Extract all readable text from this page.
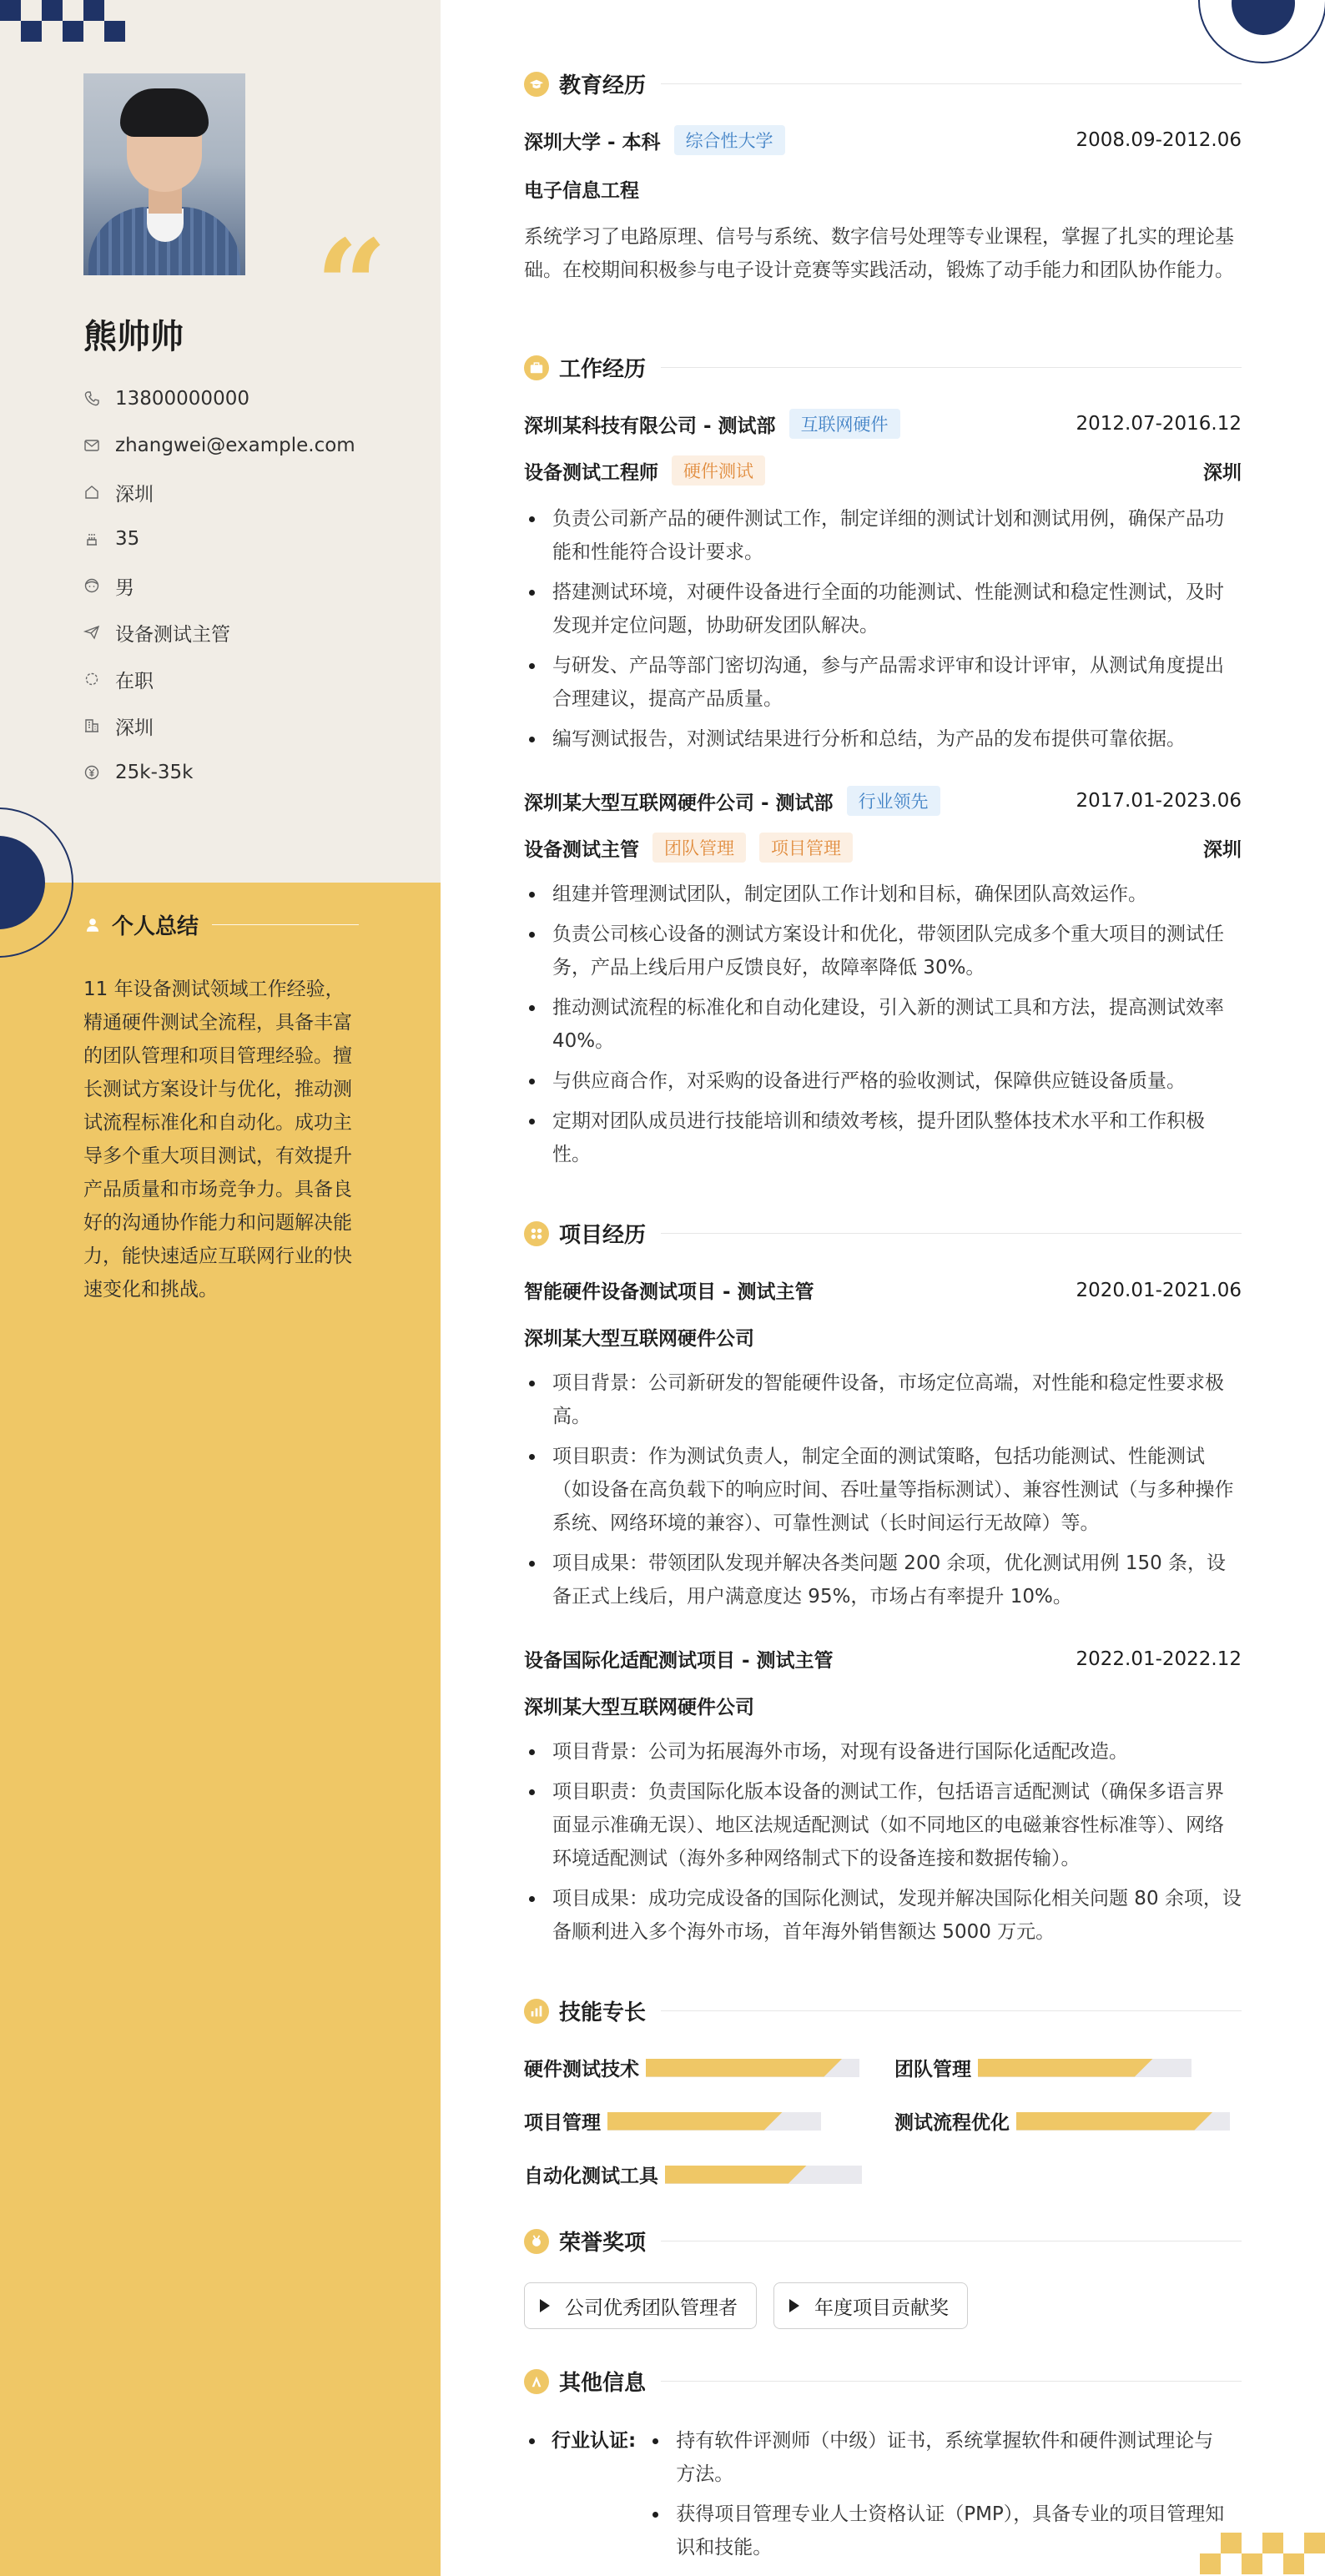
“
熊帅帅
13800000000
zhangwei@example.com
深圳
35
男
设备测试主管
在职
深圳
25k-35k
个人总结

11 年设备测试领域工作经验，精通硬件测试全流程，具备丰富的团队管理和项目管理经验。擅长测试方案设计与优化，推动测试流程标准化和自动化。成功主导多个重大项目测试，有效提升产品质量和市场竞争力。具备良好的沟通协作能力和问题解决能力，能快速适应互联网行业的快速变化和挑战。

教育经历
深圳大学 - 本科	综合性大学	2008.09-2012.06
电子信息工程

系统学习了电路原理、信号与系统、数字信号处理等专业课程，掌握了扎实的理论基础。在校期间积极参与电子设计竞赛等实践活动，锻炼了动手能力和团队协作能力。

工作经历
深圳某科技有限公司 - 测试部	互联网硬件	2012.07-2016.12
设备测试工程师	硬件测试	深圳
负责公司新产品的硬件测试工作，制定详细的测试计划和测试用例，确保产品功能和性能符合设计要求。
搭建测试环境，对硬件设备进行全面的功能测试、性能测试和稳定性测试，及时发现并定位问题，协助研发团队解决。
与研发、产品等部门密切沟通，参与产品需求评审和设计评审，从测试角度提出合理建议，提高产品质量。
编写测试报告，对测试结果进行分析和总结，为产品的发布提供可靠依据。
深圳某大型互联网硬件公司 - 测试部	行业领先	2017.01-2023.06
设备测试主管	团队管理	项目管理	深圳
组建并管理测试团队，制定团队工作计划和目标，确保团队高效运作。
负责公司核心设备的测试方案设计和优化，带领团队完成多个重大项目的测试任务，产品上线后用户反馈良好，故障率降低 30%。
推动测试流程的标准化和自动化建设，引入新的测试工具和方法，提高测试效率 40%。
与供应商合作，对采购的设备进行严格的验收测试，保障供应链设备质量。
定期对团队成员进行技能培训和绩效考核，提升团队整体技术水平和工作积极性。
项目经历
智能硬件设备测试项目 - 测试主管	2020.01-2021.06
深圳某大型互联网硬件公司
项目背景：公司新研发的智能硬件设备，市场定位高端，对性能和稳定性要求极高。
项目职责：作为测试负责人，制定全面的测试策略，包括功能测试、性能测试（如设备在高负载下的响应时间、吞吐量等指标测试）、兼容性测试（与多种操作系统、网络环境的兼容）、可靠性测试（长时间运行无故障）等。
项目成果：带领团队发现并解决各类问题 200 余项，优化测试用例 150 条，设备正式上线后，用户满意度达 95%，市场占有率提升 10%。
设备国际化适配测试项目 - 测试主管	2022.01-2022.12
深圳某大型互联网硬件公司
项目背景：公司为拓展海外市场，对现有设备进行国际化适配改造。
项目职责：负责国际化版本设备的测试工作，包括语言适配测试（确保多语言界面显示准确无误）、地区法规适配测试（如不同地区的电磁兼容性标准等）、网络环境适配测试（海外多种网络制式下的设备连接和数据传输）。
项目成果：成功完成设备的国际化测试，发现并解决国际化相关问题 80 余项，设备顺利进入多个海外市场，首年海外销售额达 5000 万元。
技能专长
硬件测试技术	团队管理
项目管理	测试流程优化
自动化测试工具
荣誉奖项
公司优秀团队管理者	年度项目贡献奖
其他信息
行业认证:	持有软件评测师（中级）证书，系统掌握软件和硬件测试理论与方法。
获得项目管理专业人士资格认证（PMP），具备专业的项目管理知识和技能。
